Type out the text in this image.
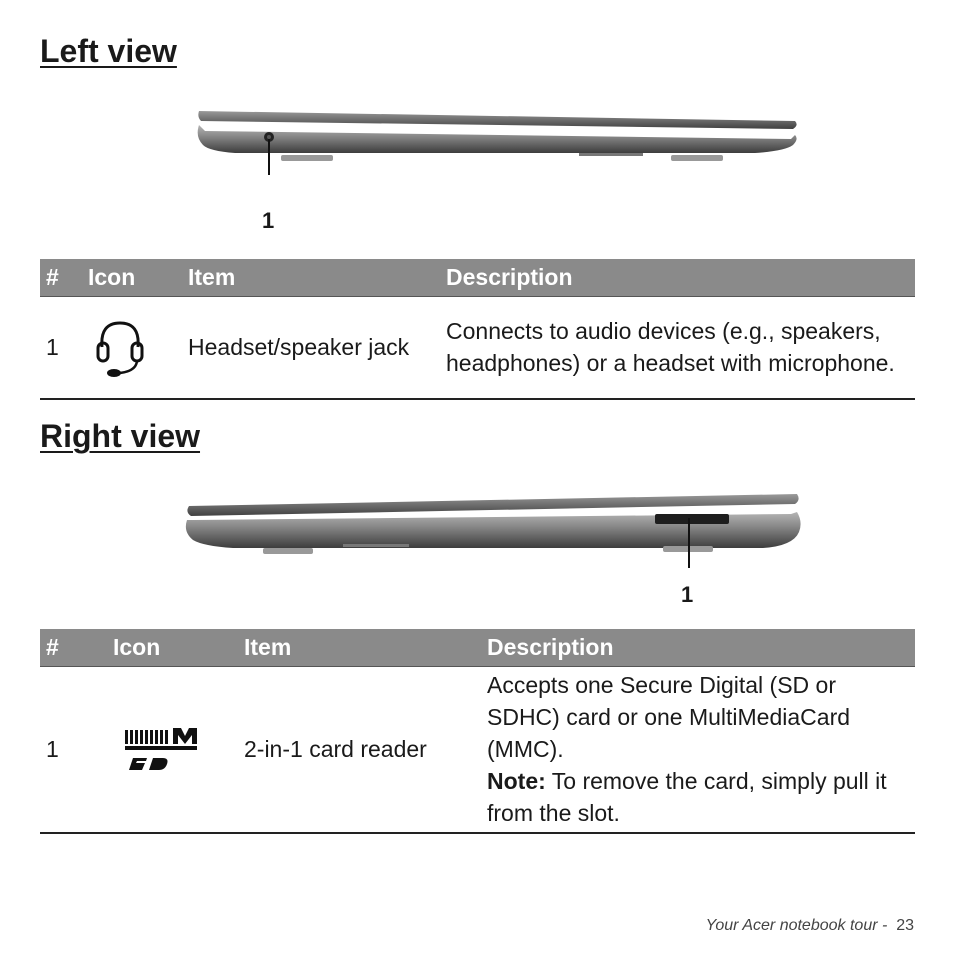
Left view
1
#	Icon	Item	Description
1		Headset/speaker jack	Connects to audio devices (e.g., speakers, headphones) or a headset with microphone.
Right view
1
#	Icon	Item	Description
1		2-in-1 card reader	Accepts one Secure Digital (SD or SDHC) card or one MultiMediaCard (MMC).
Note: To remove the card, simply pull it from the slot.
Your Acer notebook tour - 23
